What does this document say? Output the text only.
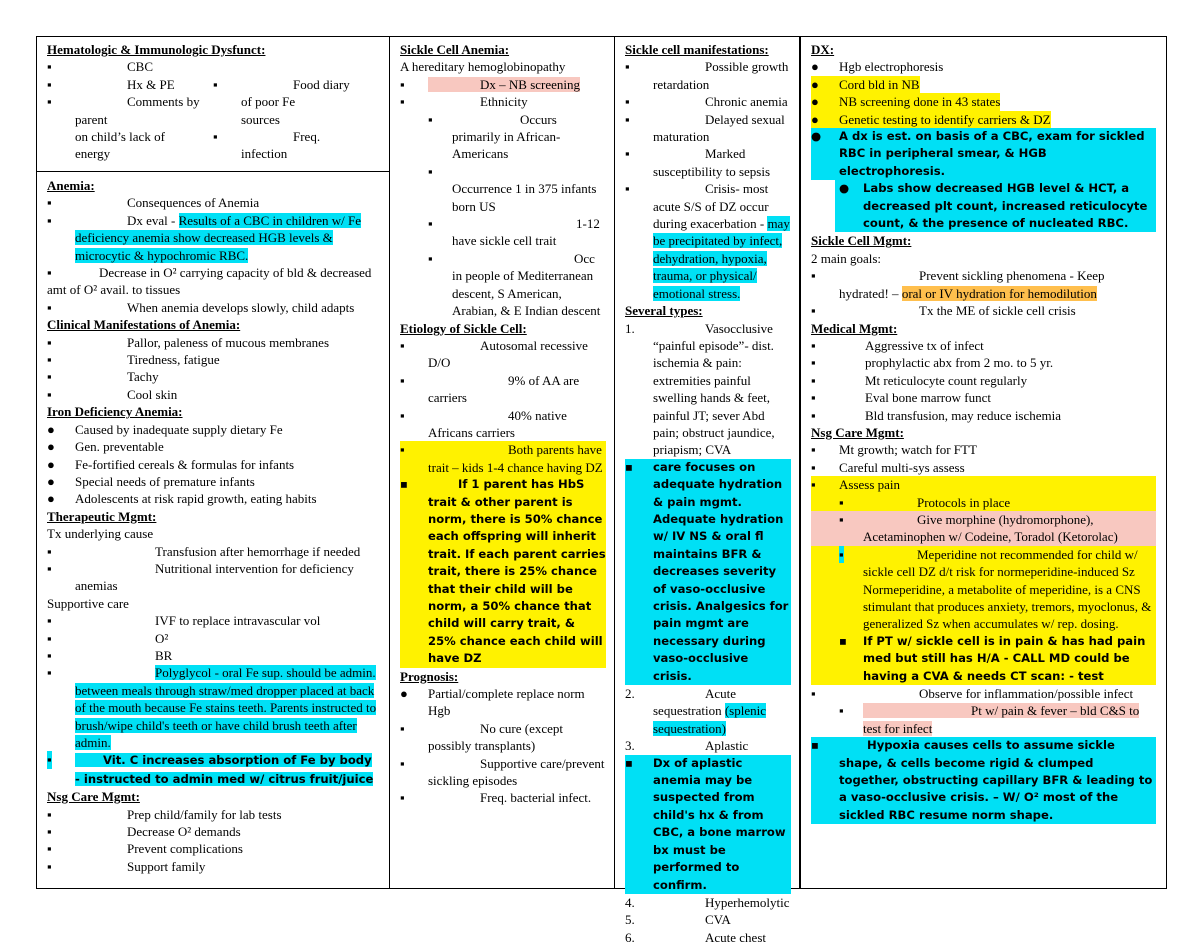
Hematologic & Immunologic Dysfunct:
▪	CBC
▪	Hx & PE
▪	Comments by parent
on child’s lack of
energy
▪	Food diary
of poor Fe
sources
▪	Freq.
infection
Anemia:
▪	Consequences of Anemia
▪	Dx eval - Results of a CBC in children w/ Fe deficiency anemia show decreased HGB levels & microcytic & hypochromic RBC.
Decrease in O² carrying capacity of bld & decreased amt of O² avail. to tissues
▪
▪	When anemia develops slowly, child adapts
Clinical Manifestations of Anemia:
▪	Pallor, paleness of mucous membranes
▪	Tiredness, fatigue
▪	Tachy
▪	Cool skin
Iron Deficiency Anemia:
● Caused by inadequate supply dietary Fe
● Gen. preventable
● Fe-fortified cereals & formulas for infants
● Special needs of premature infants
● Adolescents at risk rapid growth, eating habits
Therapeutic Mgmt:
Tx underlying cause
▪	Transfusion after hemorrhage if needed
▪	Nutritional intervention for deficiency anemias
Supportive care
▪	IVF to replace intravascular vol
▪	O²
▪	BR
▪	Polyglycol - oral Fe sup. should be admin. between meals through straw/med dropper placed at back of the mouth because Fe stains teeth. Parents instructed to brush/wipe child's teeth or have child brush teeth after admin.
▪	Vit. C increases absorption of Fe by body - instructed to admin med w/ citrus fruit/juice
Nsg Care Mgmt:
▪	Prep child/family for lab tests
▪	Decrease O² demands
▪	Prevent complications
▪	Support family
Sickle Cell Anemia:
A hereditary hemoglobinopathy
▪	Dx – NB screening
▪	Ethnicity
▪	Occurs primarily in African-Americans
▪
Occurrence 1 in 375 infants born US
▪	1-12 have sickle cell trait
▪	Occ in people of Mediterranean descent, S American, Arabian, & E Indian descent
Etiology of Sickle Cell:
▪	Autosomal recessive D/O
▪	9% of AA are carriers
▪	40% native Africans carriers
▪	Both parents have trait – kids 1-4 chance having DZ
▪	If 1 parent has HbS trait & other parent is norm, there is 50% chance each offspring will inherit trait. If each parent carries trait, there is 25% chance that their child will be norm, a 50% chance that child will carry trait, & 25% chance each child will have DZ
Prognosis:
● Partial/complete replace norm Hgb
▪	No cure (except possibly transplants)
▪	Supportive care/prevent sickling episodes
▪	Freq. bacterial infect.
Sickle cell manifestations:
▪	Possible growth retardation
▪	Chronic anemia
▪	Delayed sexual maturation
▪	Marked susceptibility to sepsis
▪	Crisis- most acute S/S of DZ occur during exacerbation - may be precipitated by infect, dehydration, hypoxia, trauma, or physical/ emotional stress.
Several types:
1.	Vasocclusive “painful episode”- dist. ischemia & pain: extremities painful swelling hands & feet, painful JT; sever Abd pain; obstruct jaundice, priapism; CVA
▪ care focuses on adequate hydration & pain mgmt. Adequate hydration w/ IV NS & oral fl maintains BFR & decreases severity of vaso-occlusive crisis. Analgesics for pain mgmt are necessary during vaso-occlusive crisis.
2.	Acute sequestration (splenic sequestration)
3.	Aplastic
▪ Dx of aplastic anemia may be suspected from child's hx & from CBC, a bone marrow bx must be performed to confirm.
4.	Hyperhemolytic
5.	CVA
6.	Acute chest
DX:
● Hgb electrophoresis
● Cord bld in NB
● NB screening done in 43 states
● Genetic testing to identify carriers & DZ
● A dx is est. on basis of a CBC, exam for sickled RBC in peripheral smear, & HGB electrophoresis.
● Labs show decreased HGB level & HCT, a decreased plt count, increased reticulocyte count, & the presence of nucleated RBC.
Sickle Cell Mgmt:
2 main goals:
▪	Prevent sickling phenomena - Keep hydrated! – oral or IV hydration for hemodilution
▪	Tx the ME of sickle cell crisis
Medical Mgmt:
▪	Aggressive tx of infect
▪	prophylactic abx from 2 mo. to 5 yr.
▪	Mt reticulocyte count regularly
▪	Eval bone marrow funct
▪	Bld transfusion, may reduce ischemia
Nsg Care Mgmt:
▪ Mt growth; watch for FTT
▪ Careful multi-sys assess
▪ Assess pain
▪	Protocols in place
▪	Give morphine (hydromorphone), Acetaminophen w/ Codeine, Toradol (Ketorolac)
▪	Meperidine not recommended for child w/ sickle cell DZ d/t risk for normeperidine-induced Sz Normeperidine, a metabolite of meperidine, is a CNS stimulant that produces anxiety, tremors, myoclonus, & generalized Sz when accumulates w/ rep. dosing.
▪ If PT w/ sickle cell is in pain & has had pain med but still has H/A - CALL MD could be having a CVA & needs CT scan: - test
▪	Observe for inflammation/possible infect
▪	Pt w/ pain & fever – bld C&S to test for infect
▪	Hypoxia causes cells to assume sickle shape, & cells become rigid & clumped together, obstructing capillary BFR & leading to a vaso-occlusive crisis. – W/ O² most of the sickled RBC resume norm shape.
